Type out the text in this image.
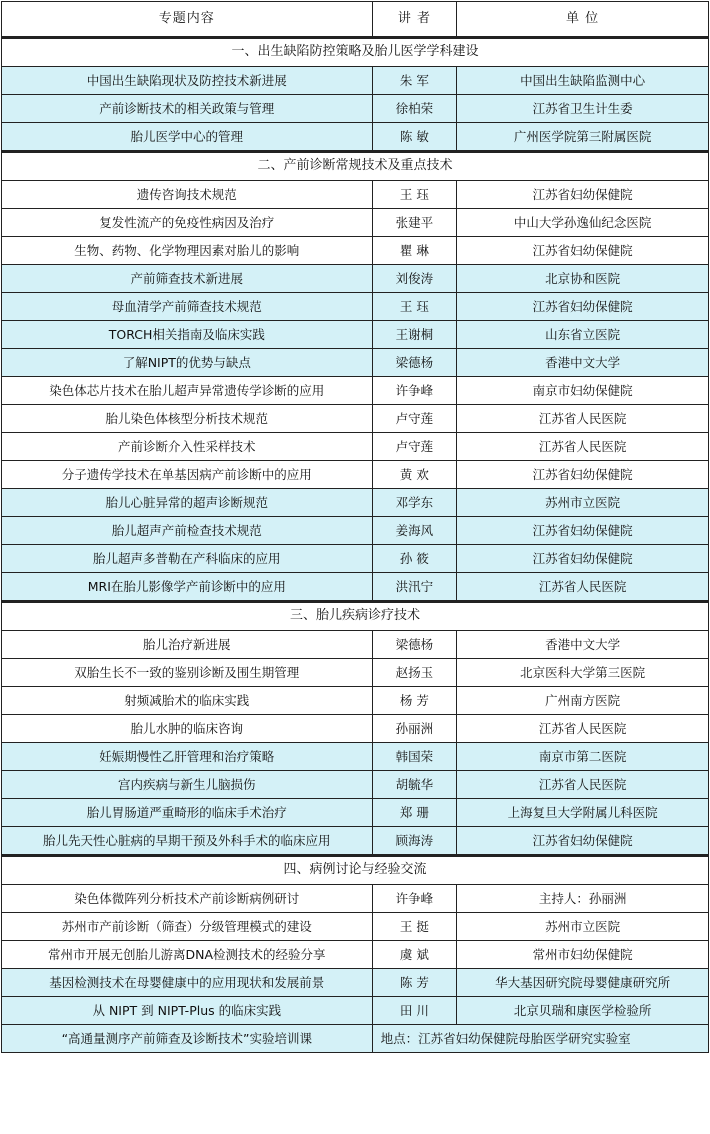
专题内容	讲 者	单 位
一、出生缺陷防控策略及胎儿医学学科建设		
中国出生缺陷现状及防控技术新进展	朱 军	中国出生缺陷监测中心
产前诊断技术的相关政策与管理	徐柏荣	江苏省卫生计生委
胎儿医学中心的管理	陈 敏	广州医学院第三附属医院
二、产前诊断常规技术及重点技术		
遗传咨询技术规范	王 珏	江苏省妇幼保健院
复发性流产的免疫性病因及治疗	张建平	中山大学孙逸仙纪念医院
生物、药物、化学物理因素对胎儿的影响	瞿 琳	江苏省妇幼保健院
产前筛查技术新进展	刘俊涛	北京协和医院
母血清学产前筛查技术规范	王 珏	江苏省妇幼保健院
TORCH相关指南及临床实践	王谢桐	山东省立医院
了解NIPT的优势与缺点	梁德杨	香港中文大学
染色体芯片技术在胎儿超声异常遗传学诊断的应用	许争峰	南京市妇幼保健院
胎儿染色体核型分析技术规范	卢守莲	江苏省人民医院
产前诊断介入性采样技术	卢守莲	江苏省人民医院
分子遗传学技术在单基因病产前诊断中的应用	黄 欢	江苏省妇幼保健院
胎儿心脏异常的超声诊断规范	邓学东	苏州市立医院
胎儿超声产前检查技术规范	姜海风	江苏省妇幼保健院
胎儿超声多普勒在产科临床的应用	孙 筱	江苏省妇幼保健院
MRI在胎儿影像学产前诊断中的应用	洪汛宁	江苏省人民医院
三、胎儿疾病诊疗技术		
胎儿治疗新进展	梁德杨	香港中文大学
双胎生长不一致的鉴别诊断及围生期管理	赵扬玉	北京医科大学第三医院
射频减胎术的临床实践	杨 芳	广州南方医院
胎儿水肿的临床咨询	孙丽洲	江苏省人民医院
妊娠期慢性乙肝管理和治疗策略	韩国荣	南京市第二医院
宫内疾病与新生儿脑损伤	胡毓华	江苏省人民医院
胎儿胃肠道严重畸形的临床手术治疗	郑 珊	上海复旦大学附属儿科医院
胎儿先天性心脏病的早期干预及外科手术的临床应用	顾海涛	江苏省妇幼保健院
四、病例讨论与经验交流		
染色体微阵列分析技术产前诊断病例研讨	许争峰	主持人：孙丽洲
苏州市产前诊断（筛查）分级管理模式的建设	王 挺	苏州市立医院
常州市开展无创胎儿游离DNA检测技术的经验分享	虞 斌	常州市妇幼保健院
基因检测技术在母婴健康中的应用现状和发展前景	陈 芳	华大基因研究院母婴健康研究所
从 NIPT 到 NIPT-Plus 的临床实践	田 川	北京贝瑞和康医学检验所
“高通量测序产前筛查及诊断技术”实验培训课	地点：江苏省妇幼保健院母胎医学研究实验室	
